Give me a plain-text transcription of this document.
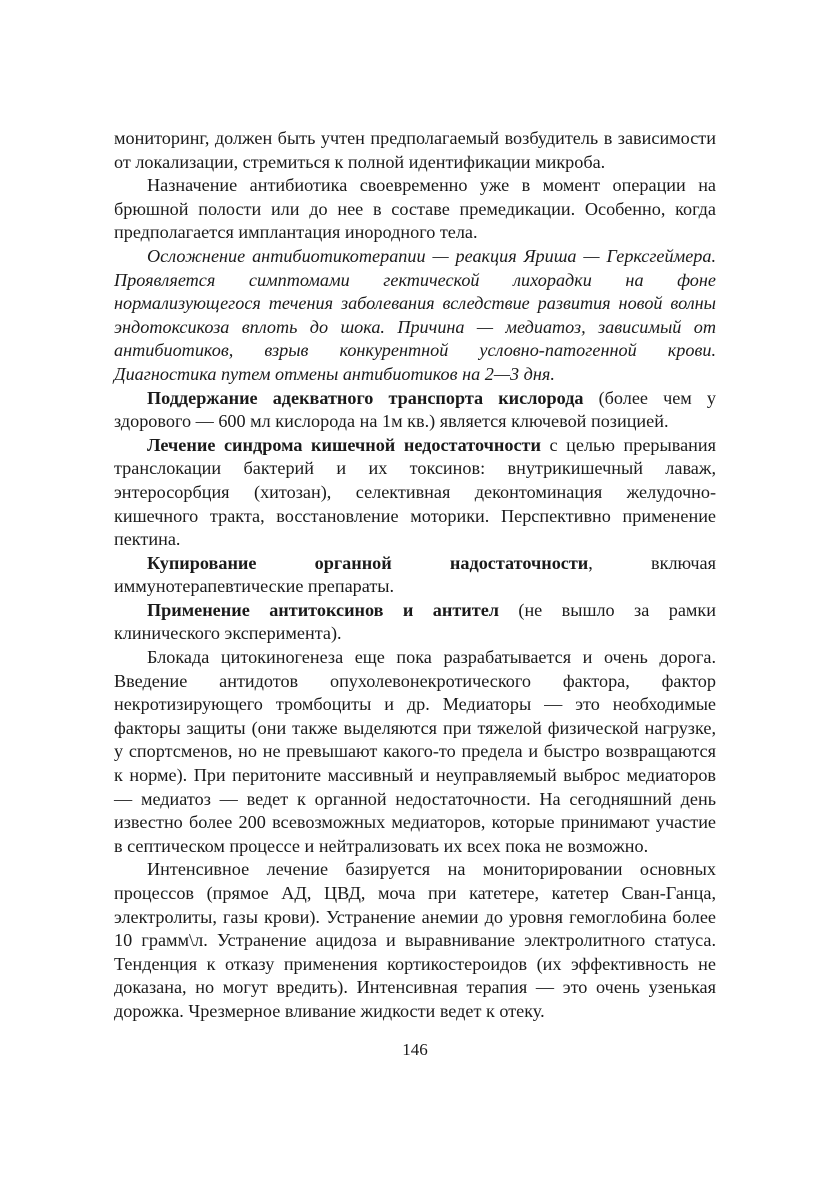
мониторинг, должен быть учтен предполагаемый возбудитель в зависимости от локализации, стремиться к полной идентификации микроба.

Назначение антибиотика своевременно уже в момент операции на брюшной полости или до нее в составе премедикации. Особенно, когда предполагается имплантация инородного тела.

Осложнение антибиотикотерапии — реакция Яриша — Герксгеймера. Проявляется симптомами гектической лихорадки на фоне нормализующегося течения заболевания вследствие развития новой волны эндотоксикоза вплоть до шока. Причина — медиатоз, зависимый от антибиотиков, взрыв конкурентной условно-патогенной крови. Диагностика путем отмены антибиотиков на 2—3 дня.

Поддержание адекватного транспорта кислорода (более чем у здорового — 600 мл кислорода на 1м кв.) является ключевой позицией.

Лечение синдрома кишечной недостаточности с целью прерывания транслокации бактерий и их токсинов: внутрикишечный лаваж, энтеросорбция (хитозан), селективная деконтоминация желудочно-кишечного тракта, восстановление моторики. Перспективно применение пектина.

Купирование органной надостаточности, включая иммунотерапевтические препараты.

Применение антитоксинов и антител (не вышло за рамки клинического эксперимента).

Блокада цитокиногенеза еще пока разрабатывается и очень дорога. Введение антидотов опухолевонекротического фактора, фактор некротизирующего тромбоциты и др. Медиаторы — это необходимые факторы защиты (они также выделяются при тяжелой физической нагрузке, у спортсменов, но не превышают какого-то предела и быстро возвращаются к норме). При перитоните массивный и неуправляемый выброс медиаторов — медиатоз — ведет к органной недостаточности. На сегодняшний день известно более 200 всевозможных медиаторов, которые принимают участие в септическом процессе и нейтрализовать их всех пока не возможно.

Интенсивное лечение базируется на мониторировании основных процессов (прямое АД, ЦВД, моча при катетере, катетер Сван-Ганца, электролиты, газы крови). Устранение анемии до уровня гемоглобина более 10 грамм\л. Устранение ацидоза и выравнивание электролитного статуса. Тенденция к отказу применения кортикостероидов (их эффективность не доказана, но могут вредить). Интенсивная терапия — это очень узенькая дорожка. Чрезмерное вливание жидкости ведет к отеку.

146
